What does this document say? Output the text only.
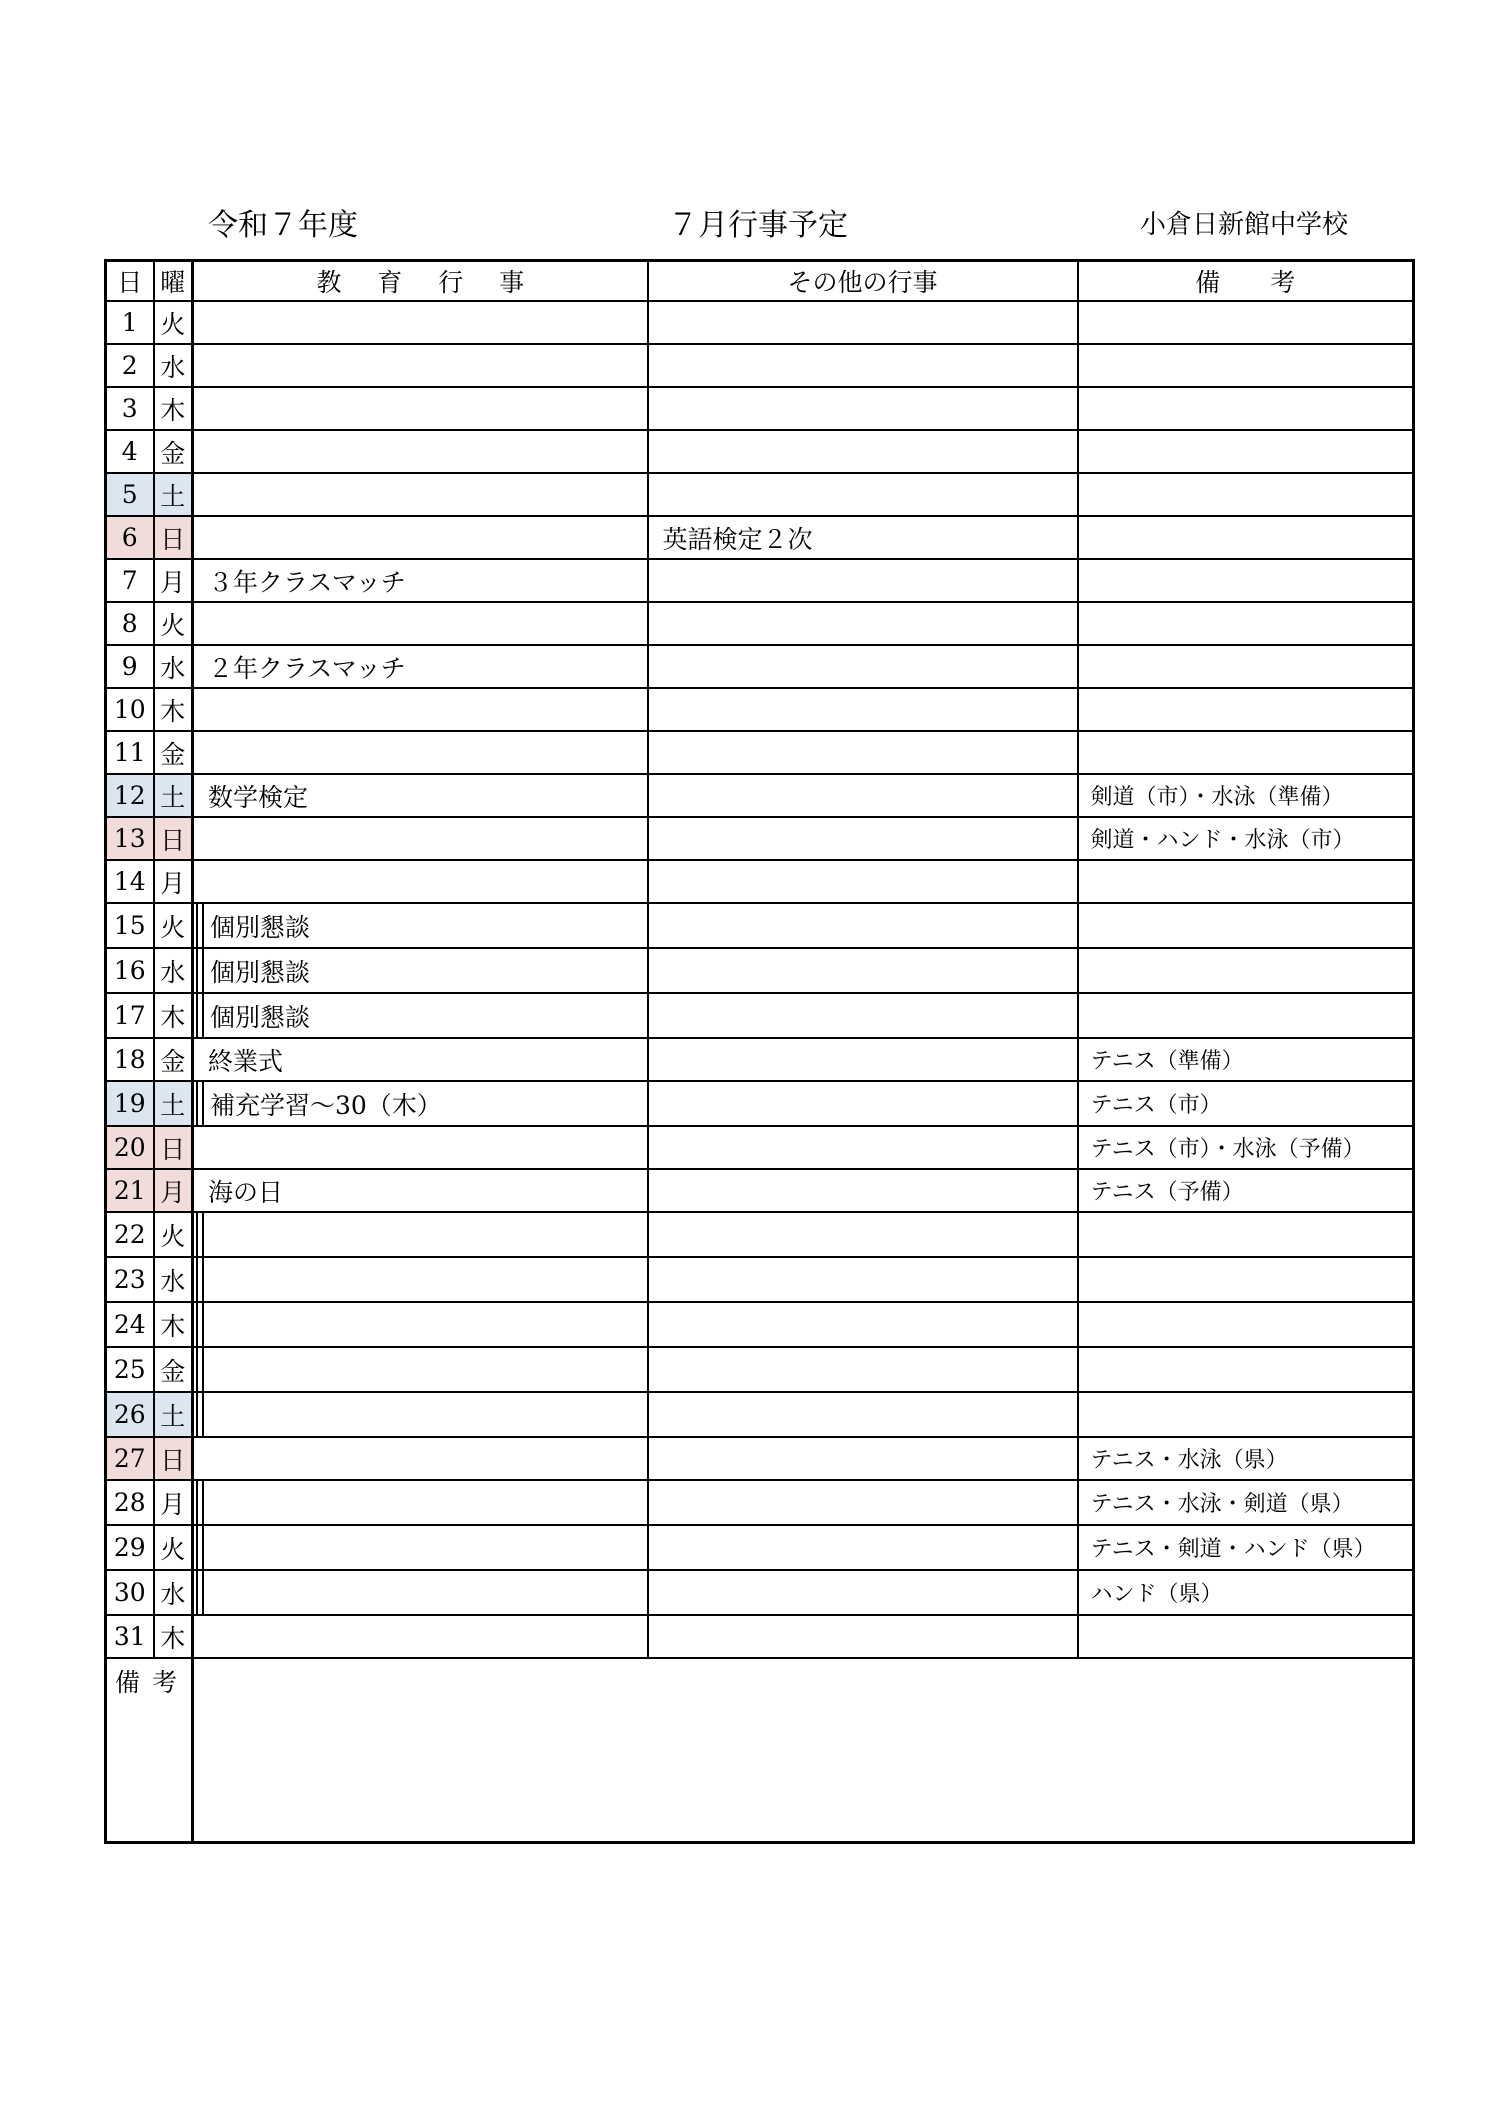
令和７年度	７月行事予定	小倉日新館中学校
日	曜	教 育 行 事	その他の行事	備　　考
1	火			
2	水			
3	木			
4	金			
5	土			
6	日		英語検定２次	
7	月	３年クラスマッチ		
8	火			
9	水	２年クラスマッチ		
10	木			
11	金			
12	土	数学検定		剣道（市）・水泳（準備）
13	日			剣道・ハンド・水泳（市）
14	月			
15	火	個別懇談		

16	水	個別懇談		

17	木	個別懇談		

18	金	終業式		テニス（準備）
19	土	補充学習～30（木）		テニス（市）
20	日			テニス（市）・水泳（予備）
21	月	海の日		テニス（予備）
22	火	

23	水	

24	木	

25	金	

26	土	

27	日			テニス・水泳（県）
28	月			テニス・水泳・剣道（県）
29	火			テニス・剣道・ハンド（県）
30	水			ハンド（県）
31	木			
備考				
